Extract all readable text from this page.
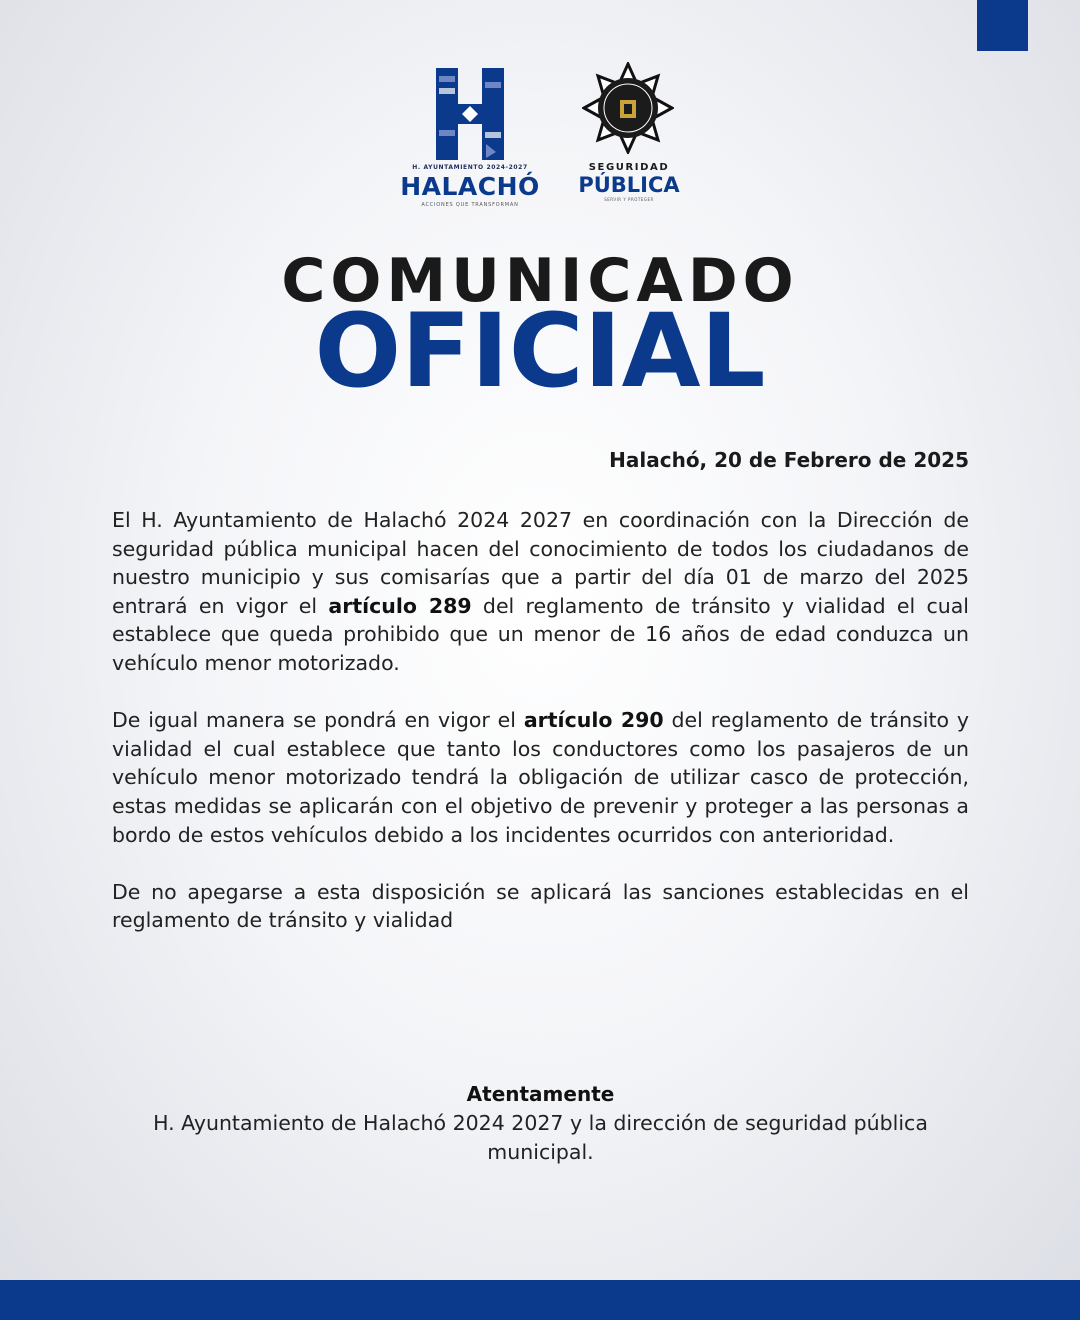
H. AYUNTAMIENTO 2024-2027
HALACHÓ
ACCIONES QUE TRANSFORMAN
SEGURIDAD
PÚBLICA
SERVIR Y PROTEGER
COMUNICADO
OFICIAL
Halachó, 20 de Febrero de 2025

El H. Ayuntamiento de Halachó 2024 2027 en coordinación con la Dirección de seguridad pública municipal hacen del conocimiento de todos los ciudadanos de nuestro municipio y sus comisarías que a partir del día 01 de marzo del 2025 entrará en vigor el artículo 289 del reglamento de tránsito y vialidad el cual establece que queda prohibido que un menor de 16 años de edad conduzca un vehículo menor motorizado.

De igual manera se pondrá en vigor el artículo 290 del reglamento de tránsito y vialidad el cual establece que tanto los conductores como los pasajeros de un vehículo menor motorizado tendrá la obligación de utilizar casco de protección, estas medidas se aplicarán con el objetivo de prevenir y proteger a las personas a bordo de estos vehículos debido a los incidentes ocurridos con anterioridad.

De no apegarse a esta disposición se aplicará las sanciones establecidas en el reglamento de tránsito y vialidad

Atentamente
H. Ayuntamiento de Halachó 2024 2027 y la dirección de seguridad pública municipal.
